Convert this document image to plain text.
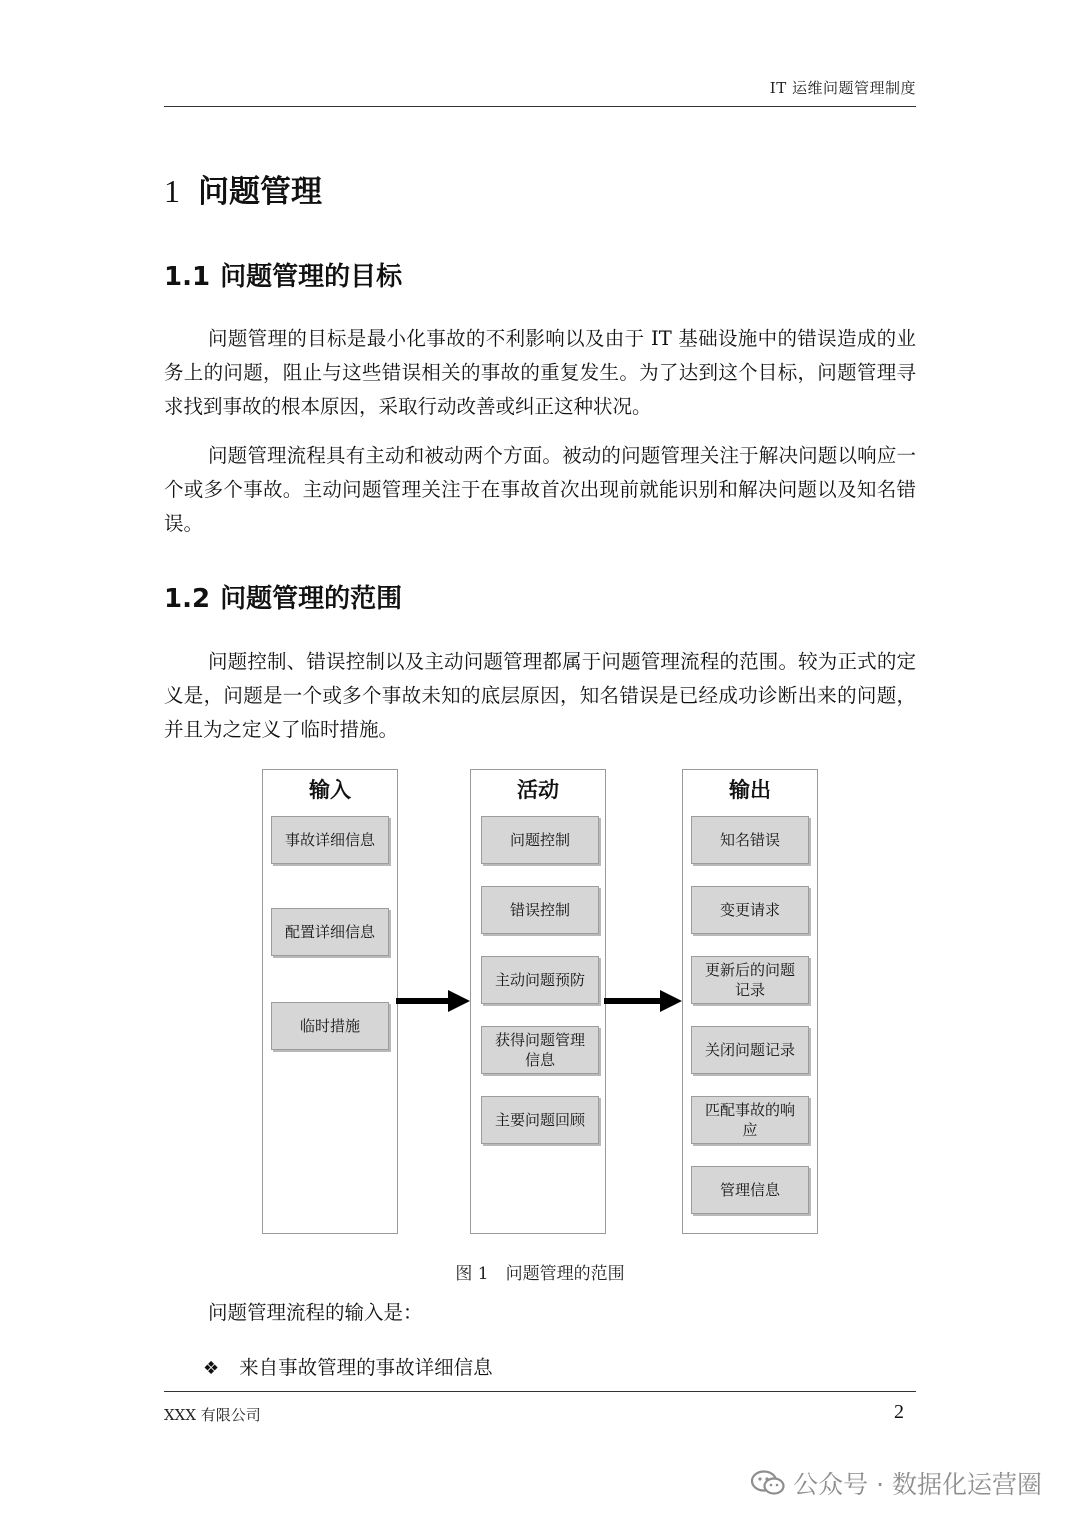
IT 运维问题管理制度
1 问题管理
1.1 问题管理的目标

问题管理的目标是最小化事故的不利影响以及由于 IT 基础设施中的错误造成的业务上的问题，阻止与这些错误相关的事故的重复发生。为了达到这个目标，问题管理寻求找到事故的根本原因，采取行动改善或纠正这种状况。

问题管理流程具有主动和被动两个方面。被动的问题管理关注于解决问题以响应一个或多个事故。主动问题管理关注于在事故首次出现前就能识别和解决问题以及知名错误。

1.2 问题管理的范围

问题控制、错误控制以及主动问题管理都属于问题管理流程的范围。较为正式的定义是，问题是一个或多个事故未知的底层原因，知名错误是已经成功诊断出来的问题，并且为之定义了临时措施。

输入
事故详细信息
配置详细信息
临时措施
活动
问题控制
错误控制
主动问题预防
获得问题管理信息
主要问题回顾
输出
知名错误
变更请求
更新后的问题记录
关闭问题记录
匹配事故的响应
管理信息
图 1　问题管理的范围

问题管理流程的输入是：

❖ 来自事故管理的事故详细信息
XXX 有限公司	2
公众号 · 数据化运营圈
